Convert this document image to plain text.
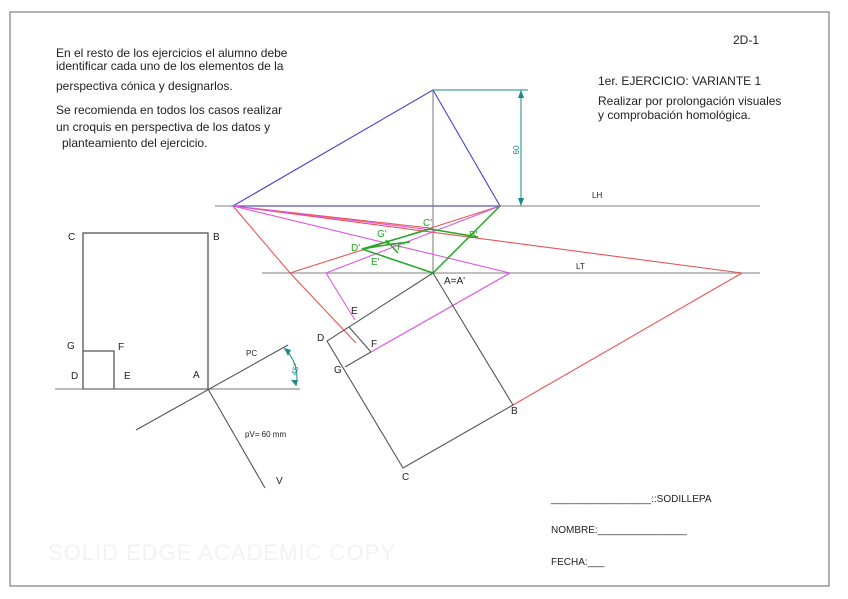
60
45°
2D-1
En el resto de los ejercicios el alumno debe
identificar cada uno de los elementos de la
perspectiva cónica y designarlos.
Se recomienda en todos los casos realizar
un croquis en perspectiva de los datos y
planteamiento del ejercicio.
1er. EJERCICIO: VARIANTE 1
Realizar por prolongación visuales
y comprobación homológica.
LH
LT
C	B
G	F
D	E	A
PC
pV= 60 mm
V
E
D
F
G
B
C
C'
G'
D'	F'
E'
B'
A=A'
SOLID EDGE ACADEMIC COPY
__________________::SODILLEPA
NOMBRE:________________
FECHA:___
